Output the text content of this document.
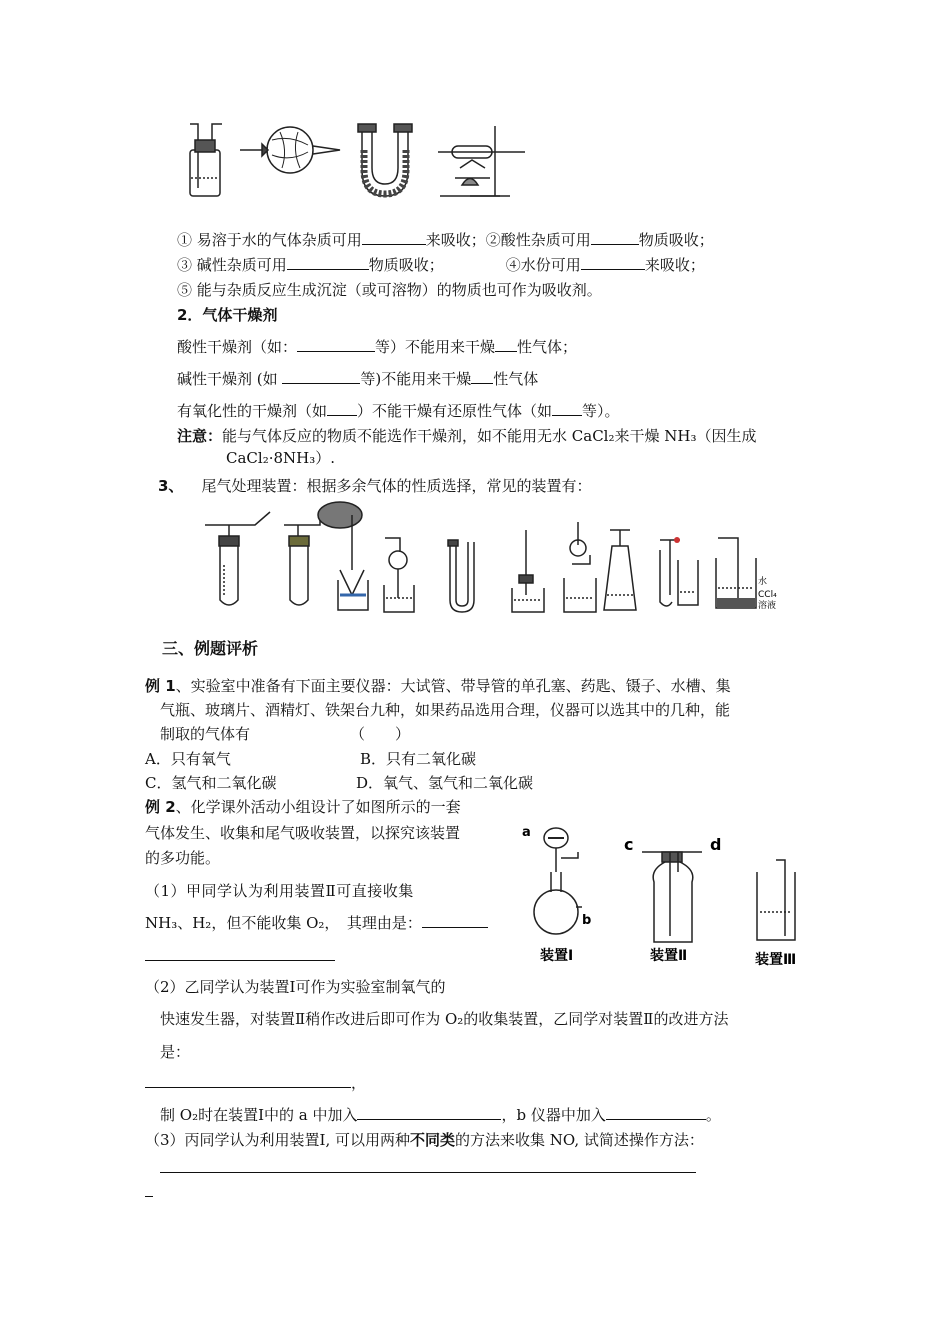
① 易溶于水的气体杂质可用	来吸收；②酸性杂质可用	物质吸收；
③ 碱性杂质可用	物质吸收；	④水份可用	来吸收；
⑤ 能与杂质反应生成沉淀（或可溶物）的物质也可作为吸收剂。
2．气体干燥剂
酸性干燥剂（如：	等）不能用来干燥 性气体；
碱性干燥剂 (如	等)不能用来干燥 性气体
有氧化性的干燥剂（如 ）不能干燥有还原性气体（如 等）。
注意：能与气体反应的物质不能选作干燥剂，如不能用无水 CaCl₂来干燥 NH₃（因生成
CaCl₂·8NH₃）.
3、 尾气处理装置：根据多余气体的性质选择，常见的装置有：
水
CCl₄
溶液
三、例题评析
例 1、实验室中准备有下面主要仪器：大试管、带导管的单孔塞、药匙、镊子、水槽、集
气瓶、玻璃片、酒精灯、铁架台九种，如果药品选用合理，仪器可以选其中的几种，能
制取的气体有	（　　）
A．只有氧气	B．只有二氧化碳
C．氢气和二氧化碳	D．氧气、氢气和二氧化碳
例 2、化学课外活动小组设计了如图所示的一套
气体发生、收集和尾气吸收装置，以探究该装置
的多功能。
（1）甲同学认为利用装置Ⅱ可直接收集
NH₃、H₂，但不能收集 O₂，　其理由是：
a
b
c	d
装置Ⅰ	装置Ⅱ	装置Ⅲ
（2）乙同学认为装置Ⅰ可作为实验室制氧气的
快速发生器，对装置Ⅱ稍作改进后即可作为 O₂的收集装置，乙同学对装置Ⅱ的改进方法
是：
，
制 O₂时在装置Ⅰ中的 a 中加入	，b 仪器中加入	。
（3）丙同学认为利用装置Ⅰ, 可以用两种不同类的方法来收集 NO, 试简述操作方法：
